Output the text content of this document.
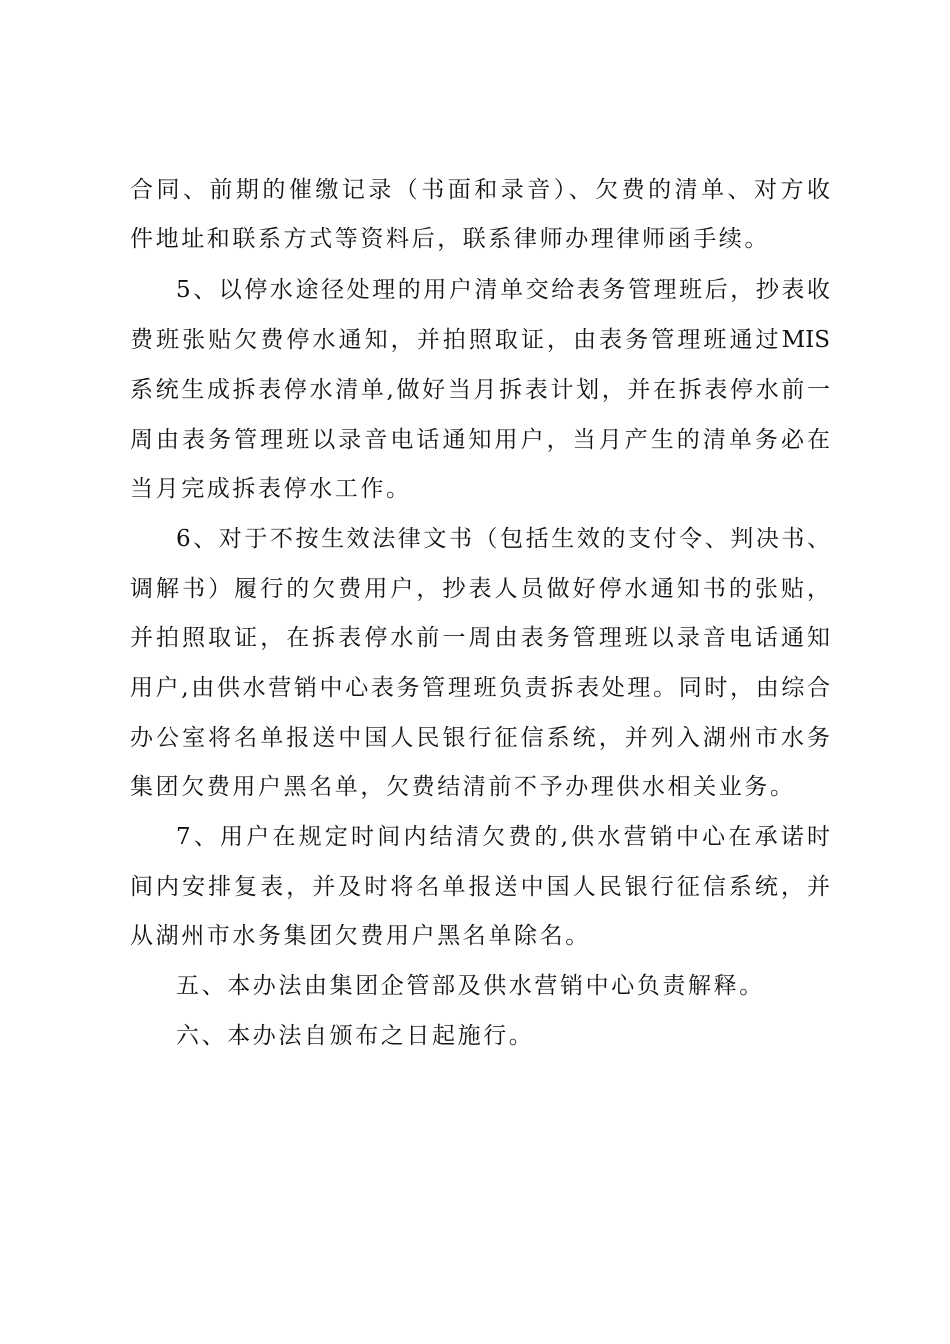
合同、前期的催缴记录（书面和录音）、欠费的清单、对方收
件地址和联系方式等资料后，联系律师办理律师函手续。
5、以停水途径处理的用户清单交给表务管理班后，抄表收
费班张贴欠费停水通知，并拍照取证，由表务管理班通过MIS
系统生成拆表停水清单,做好当月拆表计划，并在拆表停水前一
周由表务管理班以录音电话通知用户，当月产生的清单务必在
当月完成拆表停水工作。
6、对于不按生效法律文书（包括生效的支付令、判决书、
调解书）履行的欠费用户，抄表人员做好停水通知书的张贴，
并拍照取证，在拆表停水前一周由表务管理班以录音电话通知
用户,由供水营销中心表务管理班负责拆表处理。同时，由综合
办公室将名单报送中国人民银行征信系统，并列入湖州市水务
集团欠费用户黑名单，欠费结清前不予办理供水相关业务。
7、用户在规定时间内结清欠费的,供水营销中心在承诺时
间内安排复表，并及时将名单报送中国人民银行征信系统，并
从湖州市水务集团欠费用户黑名单除名。
五、本办法由集团企管部及供水营销中心负责解释。
六、本办法自颁布之日起施行。
